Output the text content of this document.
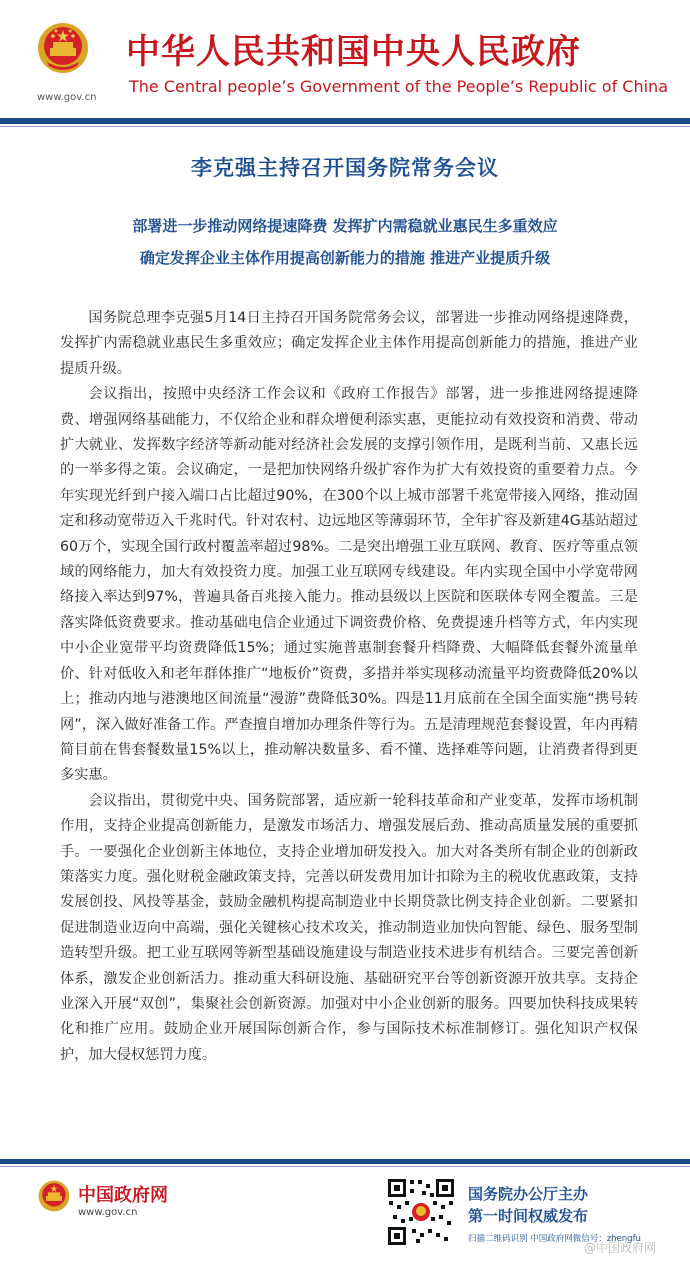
www.gov.cn
中华人民共和国中央人民政府
The Central people’s Government of the People’s Republic of China
李克强主持召开国务院常务会议
部署进一步推动网络提速降费 发挥扩内需稳就业惠民生多重效应
确定发挥企业主体作用提高创新能力的措施 推进产业提质升级

国务院总理李克强5月14日主持召开国务院常务会议，部署进一步推动网络提速降费，发挥扩内需稳就业惠民生多重效应；确定发挥企业主体作用提高创新能力的措施，推进产业提质升级。

会议指出，按照中央经济工作会议和《政府工作报告》部署，进一步推进网络提速降费、增强网络基础能力，不仅给企业和群众增便利添实惠，更能拉动有效投资和消费、带动扩大就业、发挥数字经济等新动能对经济社会发展的支撑引领作用，是既利当前、又惠长远的一举多得之策。会议确定，一是把加快网络升级扩容作为扩大有效投资的重要着力点。今年实现光纤到户接入端口占比超过90%，在300个以上城市部署千兆宽带接入网络，推动固定和移动宽带迈入千兆时代。针对农村、边远地区等薄弱环节，全年扩容及新建4G基站超过60万个，实现全国行政村覆盖率超过98%。二是突出增强工业互联网、教育、医疗等重点领域的网络能力，加大有效投资力度。加强工业互联网专线建设。年内实现全国中小学宽带网络接入率达到97%，普遍具备百兆接入能力。推动县级以上医院和医联体专网全覆盖。三是落实降低资费要求。推动基础电信企业通过下调资费价格、免费提速升档等方式，年内实现中小企业宽带平均资费降低15%；通过实施普惠制套餐升档降费、大幅降低套餐外流量单价、针对低收入和老年群体推广“地板价”资费，多措并举实现移动流量平均资费降低20%以上；推动内地与港澳地区间流量“漫游”费降低30%。四是11月底前在全国全面实施“携号转网”，深入做好准备工作。严查擅自增加办理条件等行为。五是清理规范套餐设置，年内再精简目前在售套餐数量15%以上，推动解决数量多、看不懂、选择难等问题，让消费者得到更多实惠。

会议指出，贯彻党中央、国务院部署，适应新一轮科技革命和产业变革，发挥市场机制作用，支持企业提高创新能力，是激发市场活力、增强发展后劲、推动高质量发展的重要抓手。一要强化企业创新主体地位，支持企业增加研发投入。加大对各类所有制企业的创新政策落实力度。强化财税金融政策支持，完善以研发费用加计扣除为主的税收优惠政策，支持发展创投、风投等基金，鼓励金融机构提高制造业中长期贷款比例支持企业创新。二要紧扣促进制造业迈向中高端，强化关键核心技术攻关，推动制造业加快向智能、绿色、服务型制造转型升级。把工业互联网等新型基础设施建设与制造业技术进步有机结合。三要完善创新体系，激发企业创新活力。推动重大科研设施、基础研究平台等创新资源开放共享。支持企业深入开展“双创”，集聚社会创新资源。加强对中小企业创新的服务。四要加快科技成果转化和推广应用。鼓励企业开展国际创新合作，参与国际技术标准制修订。强化知识产权保护，加大侵权惩罚力度。

中国政府网
www.gov.cn
国务院办公厅主办
第一时间权威发布
扫描二维码识别 中国政府网微信号：zhengfu
@中国政府网
